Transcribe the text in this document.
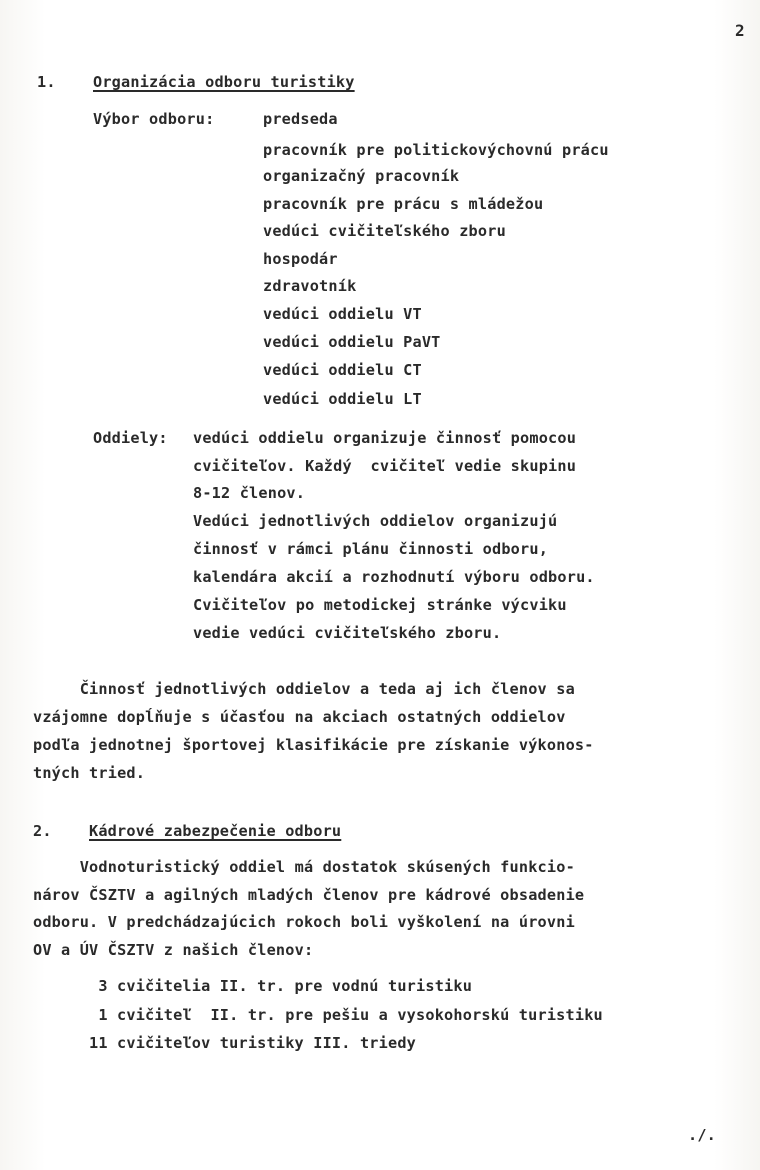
2
1. Organizácia odboru turistiky
Výbor odboru:	predseda
pracovník pre politickovýchovnú prácu
organizačný pracovník
pracovník pre prácu s mládežou
vedúci cvičiteľského zboru
hospodár
zdravotník
vedúci oddielu VT
vedúci oddielu PaVT
vedúci oddielu CT
vedúci oddielu LT
Oddiely: vedúci oddielu organizuje činnosť pomocou
cvičiteľov. Každý  cvičiteľ vedie skupinu
8-12 členov.
Vedúci jednotlivých oddielov organizujú
činnosť v rámci plánu činnosti odboru,
kalendára akcií a rozhodnutí výboru odboru.
Cvičiteľov po metodickej stránke výcviku
vedie vedúci cvičiteľského zboru.
Činnosť jednotlivých oddielov a teda aj ich členov sa
vzájomne dopĺňuje s účasťou na akciach ostatných oddielov
podľa jednotnej športovej klasifikácie pre získanie výkonos-
tných tried.
2. Kádrové zabezpečenie odboru
Vodnoturistický oddiel má dostatok skúsených funkcio-
nárov ČSZTV a agilných mladých členov pre kádrové obsadenie
odboru. V predchádzajúcich rokoch boli vyškolení na úrovni
OV a ÚV ČSZTV z našich členov:
3 cvičitelia II. tr. pre vodnú turistiku
1 cvičiteľ  II. tr. pre pešiu a vysokohorskú turistiku
11 cvičiteľov turistiky III. triedy
./.
